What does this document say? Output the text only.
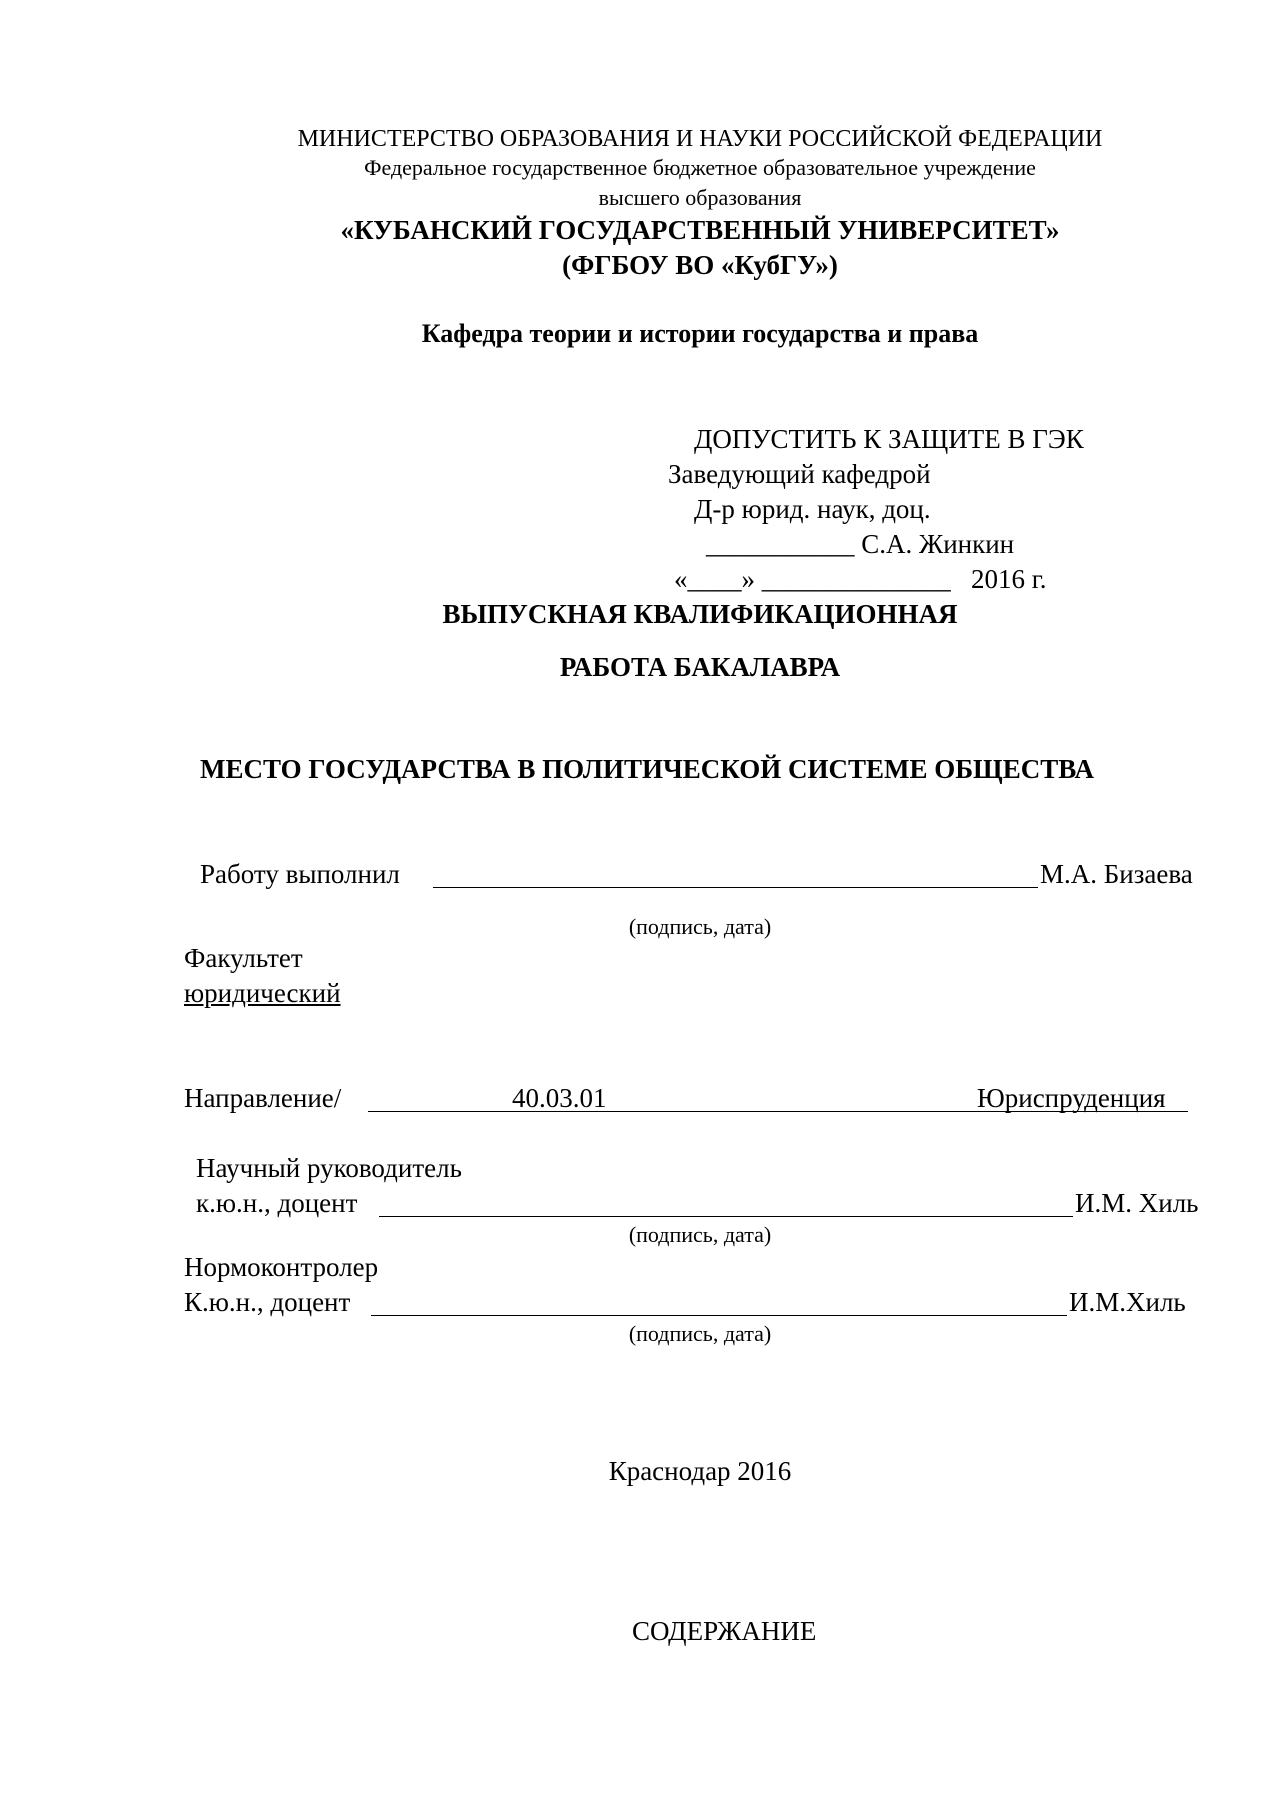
МИНИСТЕРСТВО ОБРАЗОВАНИЯ И НАУКИ РОССИЙСКОЙ ФЕДЕРАЦИИ
Федеральное государственное бюджетное образовательное учреждение
высшего образования
«КУБАНСКИЙ ГОСУДАРСТВЕННЫЙ УНИВЕРСИТЕТ»
(ФГБОУ ВО «КубГУ»)
Кафедра теории и истории государства и права
ДОПУСТИТЬ К ЗАЩИТЕ В ГЭК
Заведующий кафедрой
Д-р юрид. наук, доц.
___________ С.А. Жинкин
«____» ______________   2016 г.
ВЫПУСКНАЯ КВАЛИФИКАЦИОННАЯ
РАБОТА БАКАЛАВРА
МЕСТО ГОСУДАРСТВА В ПОЛИТИЧЕСКОЙ СИСТЕМЕ ОБЩЕСТВА
Работу выполнил	М.А. Бизаева
(подпись, дата)
Факультет
юридический
Направление/	40.03.01	Юриспруденция
Научный руководитель
к.ю.н., доцент	И.М. Хиль
(подпись, дата)
Нормоконтролер
К.ю.н., доцент	И.М.Хиль
(подпись, дата)
Краснодар 2016
СОДЕРЖАНИЕ
